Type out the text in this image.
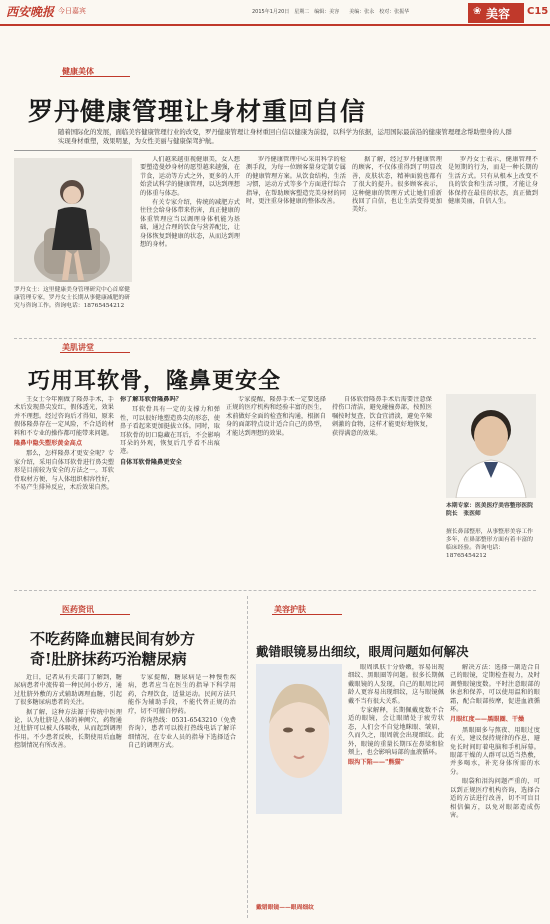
西安晚报 今日嘉宾	2015年1月20日　星期二　编辑：美容　　美编：张永　校对：张振华	❀ 美容 C15
健康美体
罗丹健康管理让身材重回自信
随着国际化的发展，面临美容健康管理行业的改变，罗丹健康管理让身材重回自信以健康为前提，以科学为依据，运用国际最前沿的健康管理理念帮助塑身的人群实现身材重塑，效果明显，为女性美丽与健康保驾护航。
罗丹女士：这里健康美身管理研究中心首席健康管理专家，罗丹女士长期从事健康减肥的研究与咨询工作。咨询电话：18765454212

人们越来越重视健康美，女人想要塑造曼妙身材的愿望越来越强，在节食，运动等方式之外，更多的人开始尝试科学的健康管理，以达到理想的体重与体态。

有关专家介绍，传统的减肥方式往往会给身体带来伤害，真正健康的体重管理应当以调理身体机能为基础，通过合理的饮食与营养配比，让身体恢复到健康的状态，从而达到理想的身材。

罗丹健康管理中心采用科学的检测手段，为每一位顾客量身定制专属的健康管理方案。从饮食结构，生活习惯，运动方式等多个方面进行综合指导，在帮助顾客塑造完美身材的同时，更注重身体健康的整体改善。

据了解，经过罗丹健康管理的顾客，不仅体重得到了明显改善，皮肤状态，精神面貌也都有了很大的提升。很多顾客表示，这种健康的管理方式让她们重新找回了自信，也让生活变得更加美好。

罗丹女士表示，健康管理不是短期的行为，而是一种长期的生活方式。只有从根本上改变不良的饮食和生活习惯，才能让身体保持在最佳的状态，真正做到健康美丽，自信人生。

美肌讲堂
巧用耳软骨，隆鼻更安全

王女士今年刚做了隆鼻手术，手术后发现鼻尖发红，假体透光，效果并不理想。经过咨询后才得知，原来假体隆鼻存在一定风险，不合适的材料和不专业的操作都可能带来问题。

隆鼻中隐失塑形黄金高点

那么，怎样隆鼻才更安全呢？专家介绍，采用自体耳软骨进行鼻尖塑形是目前较为安全的方法之一。耳软骨取材方便，与人体组织相容性好，不易产生排异反应，术后效果自然。

你了解耳软骨隆鼻吗？

耳软骨具有一定的支撑力和弹性，可以很好地塑造鼻尖的形态，使鼻子看起来更加挺拔立体。同时，取耳软骨的切口隐藏在耳后，不会影响耳朵的外观，恢复后几乎看不出痕迹。

自体耳软骨隆鼻更安全

专家提醒，隆鼻手术一定要选择正规的医疗机构和经验丰富的医生，术前做好全面的检查和沟通，根据自身的面部特点设计适合自己的鼻型，才能达到理想的效果。

自体软骨隆鼻手术后需要注意保持伤口清洁，避免碰撞鼻部，按照医嘱按时复查，饮食宜清淡，避免辛辣刺激的食物，这样才能更好地恢复，获得满意的效果。

本期专家：医美医疗美容整形医院院长　张医师
擅长鼻部整形，从事整形美容工作多年，在鼻部整形方面有着丰富的临床经验。咨询电话：18765454212
医药资讯
不吃药降血糖民间有妙方
奇!肚脐抹药巧治糖尿病

近日，记者从有关部门了解到，糖尿病患者中流传着一种民间小妙方，通过肚脐外敷的方式辅助调理血糖，引起了很多糖尿病患者的关注。

据了解，这种方法源于传统中医理论，认为肚脐是人体的神阙穴，药物通过肚脐可以被人体吸收，从而起到调理作用。不少患者反映，长期使用后血糖控制情况有所改善。

专家提醒，糖尿病是一种慢性疾病，患者应当在医生的指导下科学用药，合理饮食，适量运动。民间方法只能作为辅助手段，不能代替正规的治疗，切不可擅自停药。

咨询热线：0531-6543210（免费咨询），患者可以拨打热线电话了解详细情况，在专业人员的指导下选择适合自己的调理方式。

美容护肤
戴错眼镜易出细纹，眼周问题如何解决
戴错眼镜——眼周细纹

眼周肌肤十分娇嫩，容易出现细纹、黑眼圈等问题。很多长期佩戴眼镜的人发现，自己的眼周比同龄人更容易出现细纹，这与眼镜佩戴不当有很大关系。

专家解释，长期佩戴度数不合适的眼镜，会让眼睛处于疲劳状态，人们会不自觉地眯眼、皱眉，久而久之，眼周就会出现细纹。此外，眼镜的重量长期压在鼻梁和脸颊上，也会影响局部的血液循环。

眼沟下陷——"熊猫"

解决方法：选择一副适合自己的眼镜，定期检查视力，及时调整眼镜度数。平时注意眼部的休息和保养，可以使用温和的眼霜，配合眼部按摩，促进血液循环。

月眼红度——黑眼圈、干燥

黑眼圈多与熬夜、用眼过度有关，建议保持规律的作息，避免长时间盯着电脑和手机屏幕。眼部干燥的人群可以适当热敷，并多喝水，补充身体所需的水分。

眼袋和泪沟问题严重的，可以到正规医疗机构咨询，选择合适的方法进行改善，切不可盲目相信偏方，以免对眼部造成伤害。
